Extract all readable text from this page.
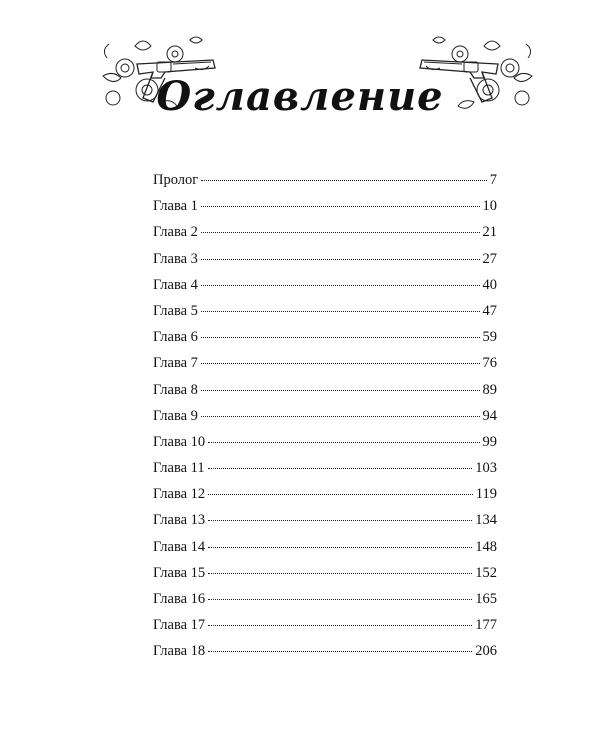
Оглавление
Пролог	7
Глава 1	10
Глава 2	21
Глава 3	27
Глава 4	40
Глава 5	47
Глава 6	59
Глава 7	76
Глава 8	89
Глава 9	94
Глава 10	99
Глава 11	103
Глава 12	119
Глава 13	134
Глава 14	148
Глава 15	152
Глава 16	165
Глава 17	177
Глава 18	206
